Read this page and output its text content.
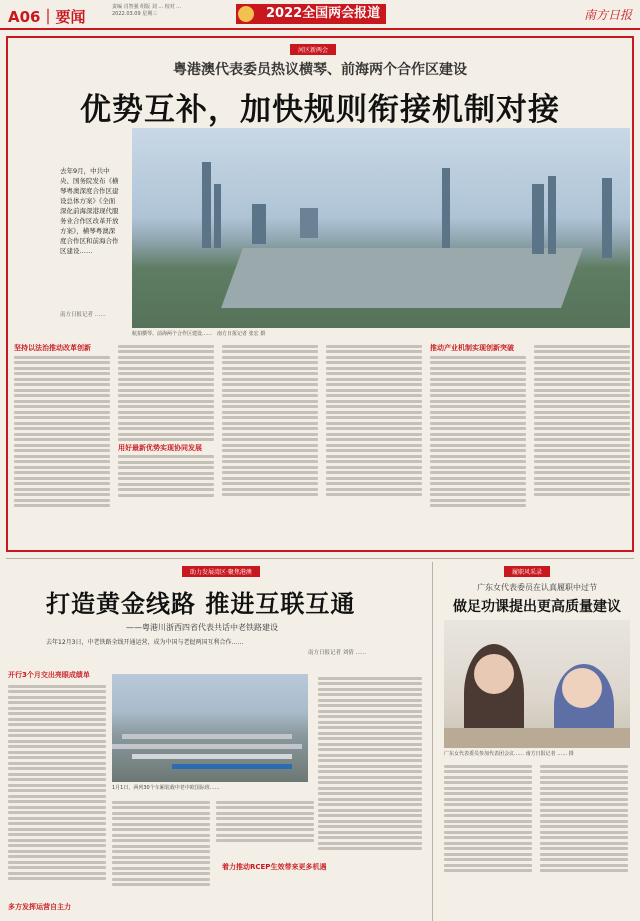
A06｜要闻
责编 肖智强 组版 刘 ... 校对 ...
2022.03.09 星期三	2022全国两会报道	南方日报
河区新两会
粤港澳代表委员热议横琴、前海两个合作区建设
优势互补，加快规则衔接机制对接
去年9月，中共中央、国务院发布《横琴粤澳深度合作区建设总体方案》《全面深化前海深港现代服务业合作区改革开放方案》，横琴粤澳深度合作区和前海合作区建设……
南方日报记者 ……
航拍横琴、前海两个合作区建设……　 南方日报记者 张宏 摄
坚持以法治推动改革创新
用好最新优势实现协同发展
推动产业机制实现创新突破
助力发展湾区·聚焦港澳
打造黄金线路 推进互联互通
——粤港川浙西四省代表共话中老铁路建设
去年12月3日，中老铁路全线开通运营，成为中国与老挝两国互利合作……
南方日报记者 刘倩 ……
开行3个月交出亮眼成绩单
1月1日，两列30个车厢装载中老中欧国际班……
着力推动RCEP生效带来更多机遇
多方发挥运营自主力
履职风采录
广东女代表委员在认真履职中过节
做足功课提出更高质量建议
广东女代表委员参加代表团会议…… 南方日报记者 …… 摄
